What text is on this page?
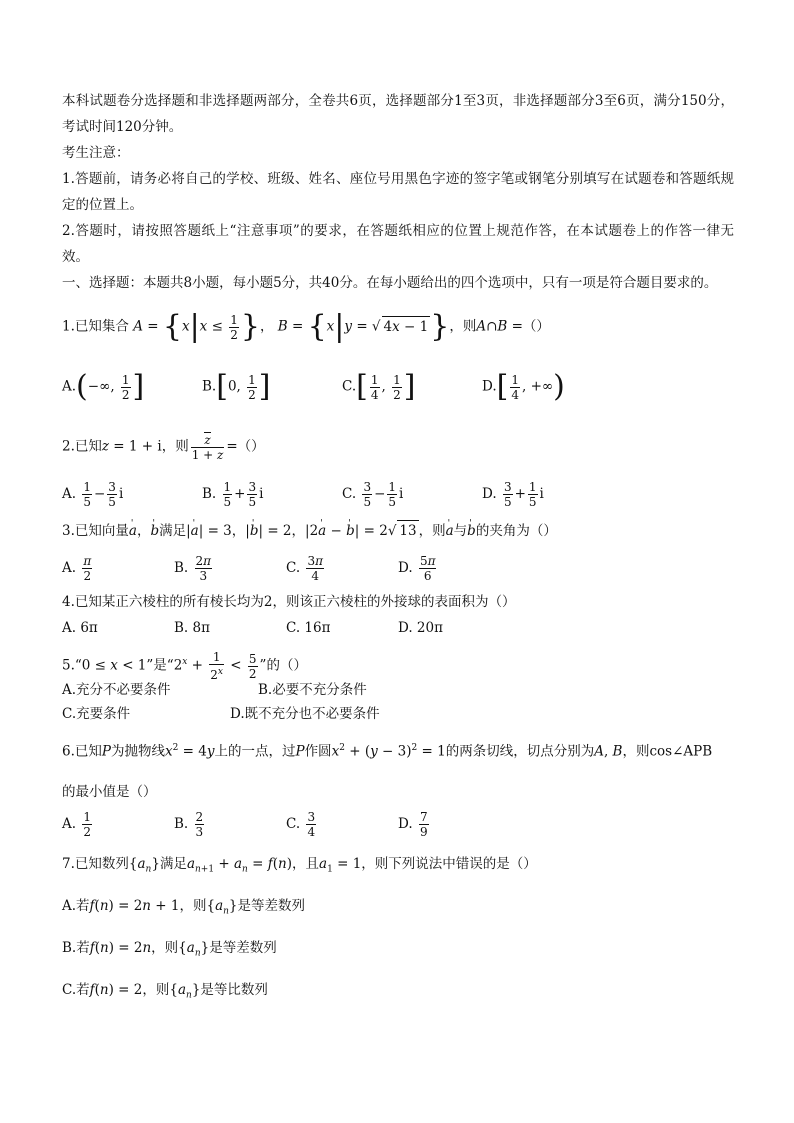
本科试题卷分选择题和非选择题两部分，全卷共6页，选择题部分1至3页，非选择题部分3至6页，满分150分，考试时间120分钟。

考生注意：

1.答题前，请务必将自己的学校、班级、姓名、座位号用黑色字迹的签字笔或钢笔分别填写在试题卷和答题纸规定的位置上。

2.答题时，请按照答题纸上“注意事项”的要求，在答题纸相应的位置上规范作答，在本试题卷上的作答一律无效。

一、选择题：本题共8小题，每小题5分，共40分。在每小题给出的四个选项中，只有一项是符合题目要求的。

1.已知集合 $A = \{x|x \le \frac{1}{2}$ }， B = {x|y = √ 4x − 1}，则A∩B =（）
A.(−∞, $\frac{1}{2}$ ]	B.[0, $\frac{1}{2}$ ]	$C.[ \frac{1}{4}$ , $\frac{1}{2}$ ]	$D.[ \frac{1}{4}$ , +∞)
2.已知z = 1 + i，则 $\frac{z}{1 + z}$ =（）
A. $\frac{1}{5} - \frac{3}{5}$ i	B. $\frac{1}{5} + \frac{3}{5}$ i	C. $\frac{3}{5} - \frac{1}{5}$ i	D. $\frac{3}{5} + \frac{1}{5}$ i
3.已知向量' a，' b满足|' a| = 3，|' b| = 2，|2' a − ' b| = 2√ 13 ，则' a与' b的夹角为（）
A. $\frac{\pi}{2}$	B. $\frac{2\pi}{3}$	C. $\frac{3\pi}{4}$	D. $\frac{5\pi}{6}$
4.已知某正六棱柱的所有棱长均为2，则该正六棱柱的外接球的表面积为（）
A. 6π	B. 8π	C. 16π	D. 20π
5.“0 ≤ x < 1”是“$2^x + \frac{1}{2^x} < \frac{5}{2}$ ”的（）
A.充分不必要条件	B.必要不充分条件
C.充要条件	D.既不充分也不必要条件
6.已知P为抛物线$x^2 = 4y$上的一点，过P作圆$x^2 + (y - 3)^2 = 1$的两条切线，切点分别为A, B，则cos∠APB
的最小值是（）
A. $\frac{1}{2}$	B. $\frac{2}{3}$	C. $\frac{3}{4}$	D. $\frac{7}{9}$
7.已知数列$\{a_n\}$满足$a_{n+1} + a_n = f(n)$，且$a_1 = 1$，则下列说法中错误的是（）
A.若f(n) = 2n + 1，则$\{a_n\}$是等差数列
B.若f(n) = 2n，则$\{a_n\}$是等差数列
C.若f(n) = 2，则$\{a_n\}$是等比数列
